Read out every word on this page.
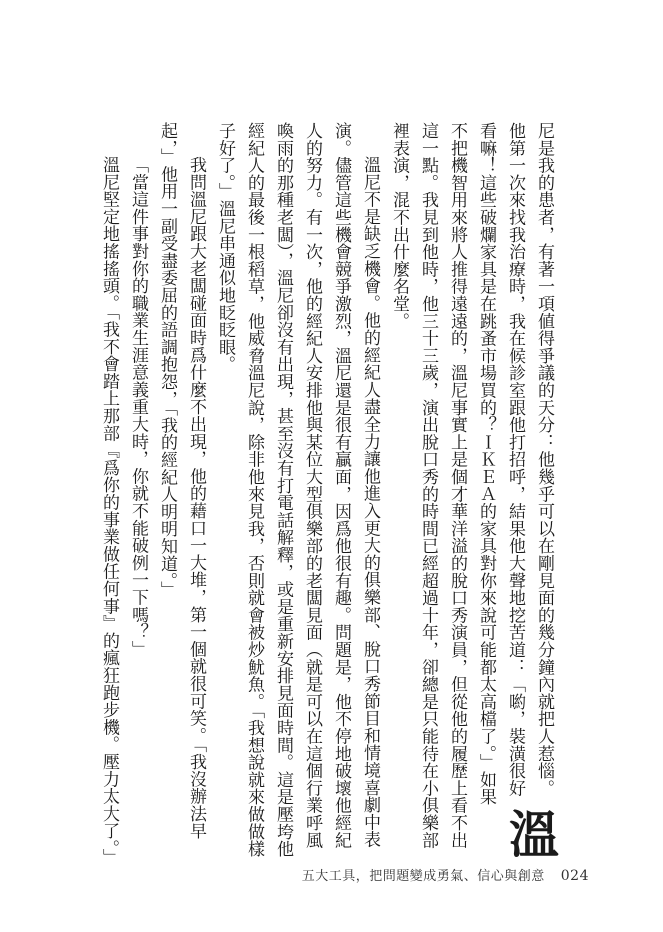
溫
尼是我的患者，有著一項値得爭議的天分：他幾乎可以在剛見面的幾分鐘內就把人惹惱。他第一次來找我治療時，我在候診室跟他打招呼，結果他大聲地挖苦道：「喲，裝潢很好看嘛！這些破爛家具是在跳蚤市場買的？ＩＫＥＡ的家具對你來說可能都太高檔了。」如果不把機智用來將人推得遠遠的，溫尼事實上是個才華洋溢的脫口秀演員，但從他的履歷上看不出這一點。我見到他時，他三十三歲，演出脫口秀的時間已經超過十年，卻總是只能待在小俱樂部裡表演，混不出什麼名堂。

溫尼不是缺乏機會。他的經紀人盡全力讓他進入更大的俱樂部、脫口秀節目和情境喜劇中表演。儘管這些機會競爭激烈，溫尼還是很有贏面，因爲他很有趣。問題是，他不停地破壞他經紀人的努力。有一次，他的經紀人安排他與某位大型俱樂部的老闆見面（就是可以在這個行業呼風喚雨的那種老闆），溫尼卻沒有出現，甚至沒有打電話解釋，或是重新安排見面時間。這是壓垮他經紀人的最後一根稻草，他威脅溫尼說，除非他來見我，否則就會被炒魷魚。「我想說就來做做樣子好了。」溫尼串通似地眨眨眼。

我問溫尼跟大老闆碰面時爲什麼不出現，他的藉口一大堆，第一個就很可笑。「我沒辦法早起，」他用一副受盡委屈的語調抱怨，「我的經紀人明明知道。」

「當這件事對你的職業生涯意義重大時，你就不能破例一下嗎？」

溫尼堅定地搖搖頭。「我不會踏上那部『爲你的事業做任何事』的瘋狂跑步機。壓力太大了。」

五大工具，把問題變成勇氣、信心與創意 024
